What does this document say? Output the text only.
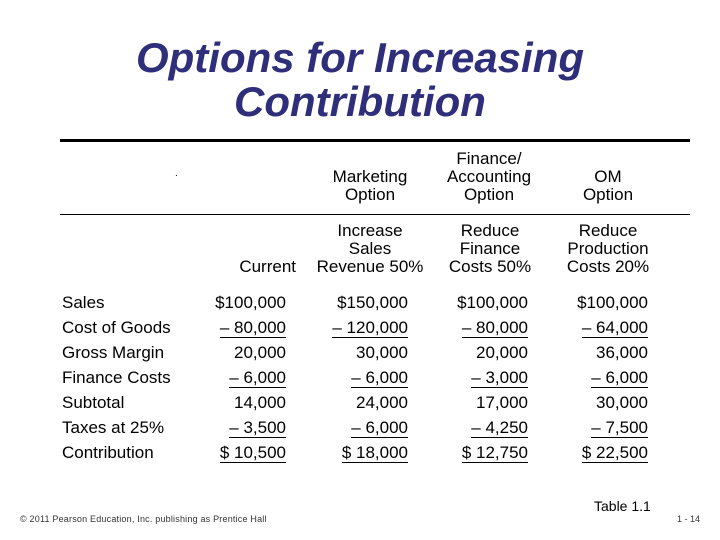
Options for Increasing
Contribution
.	Marketing
Option
Finance/
Accounting
Option
OM
Option
Current
Increase
Sales
Revenue 50%
Reduce
Finance
Costs 50%
Reduce
Production
Costs 20%
Sales
Cost of Goods
Gross Margin
Finance Costs
Subtotal
Taxes at 25%
Contribution
$100,000
– 80,000
20,000
– 6,000
14,000
– 3,500
$ 10,500
$150,000
– 120,000
30,000
– 6,000
24,000
– 6,000
$ 18,000
$100,000
– 80,000
20,000
– 3,000
17,000
– 4,250
$ 12,750
$100,000
– 64,000
36,000
– 6,000
30,000
– 7,500
$ 22,500
Table 1.1
© 2011 Pearson Education, Inc. publishing as Prentice Hall	1 - 14
